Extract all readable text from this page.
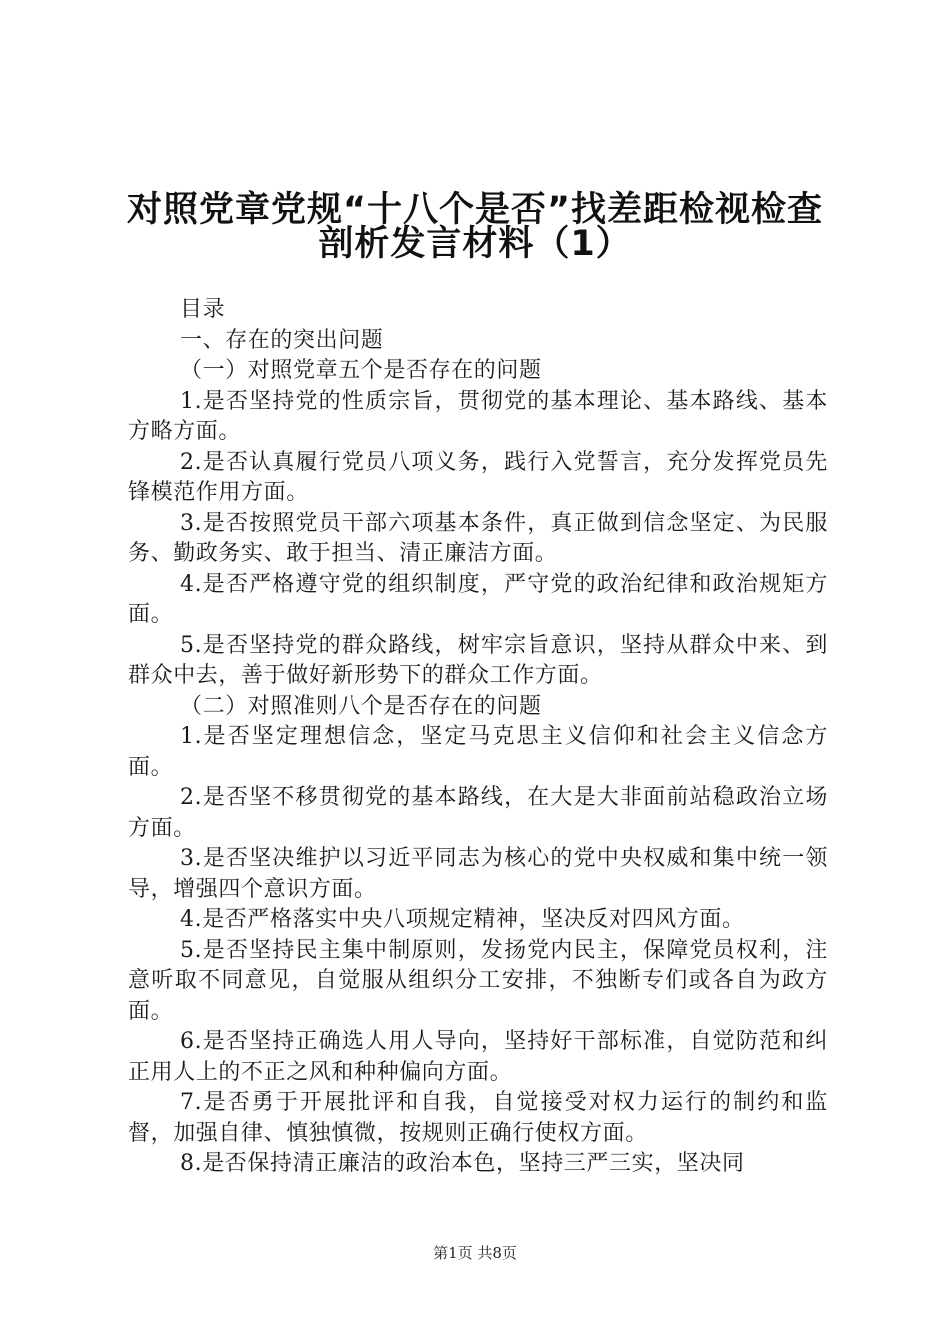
对照党章党规“十八个是否”找差距检视检查
剖析发言材料（1）

目录

一、存在的突出问题

（一）对照党章五个是否存在的问题

1.是否坚持党的性质宗旨，贯彻党的基本理论、基本路线、基本方略方面。

2.是否认真履行党员八项义务，践行入党誓言，充分发挥党员先锋模范作用方面。

3.是否按照党员干部六项基本条件，真正做到信念坚定、为民服务、勤政务实、敢于担当、清正廉洁方面。

4.是否严格遵守党的组织制度，严守党的政治纪律和政治规矩方面。

5.是否坚持党的群众路线，树牢宗旨意识，坚持从群众中来、到群众中去，善于做好新形势下的群众工作方面。

（二）对照准则八个是否存在的问题

1.是否坚定理想信念，坚定马克思主义信仰和社会主义信念方面。

2.是否坚不移贯彻党的基本路线，在大是大非面前站稳政治立场方面。

3.是否坚决维护以习近平同志为核心的党中央权威和集中统一领导，增强四个意识方面。

4.是否严格落实中央八项规定精神，坚决反对四风方面。

5.是否坚持民主集中制原则，发扬党内民主，保障党员权利，注意听取不同意见，自觉服从组织分工安排，不独断专们或各自为政方面。

6.是否坚持正确选人用人导向，坚持好干部标准，自觉防范和纠正用人上的不正之风和种种偏向方面。

7.是否勇于开展批评和自我，自觉接受对权力运行的制约和监督，加强自律、慎独慎微，按规则正确行使权方面。

8.是否保持清正廉洁的政治本色，坚持三严三实，坚决同

第1页 共8页
